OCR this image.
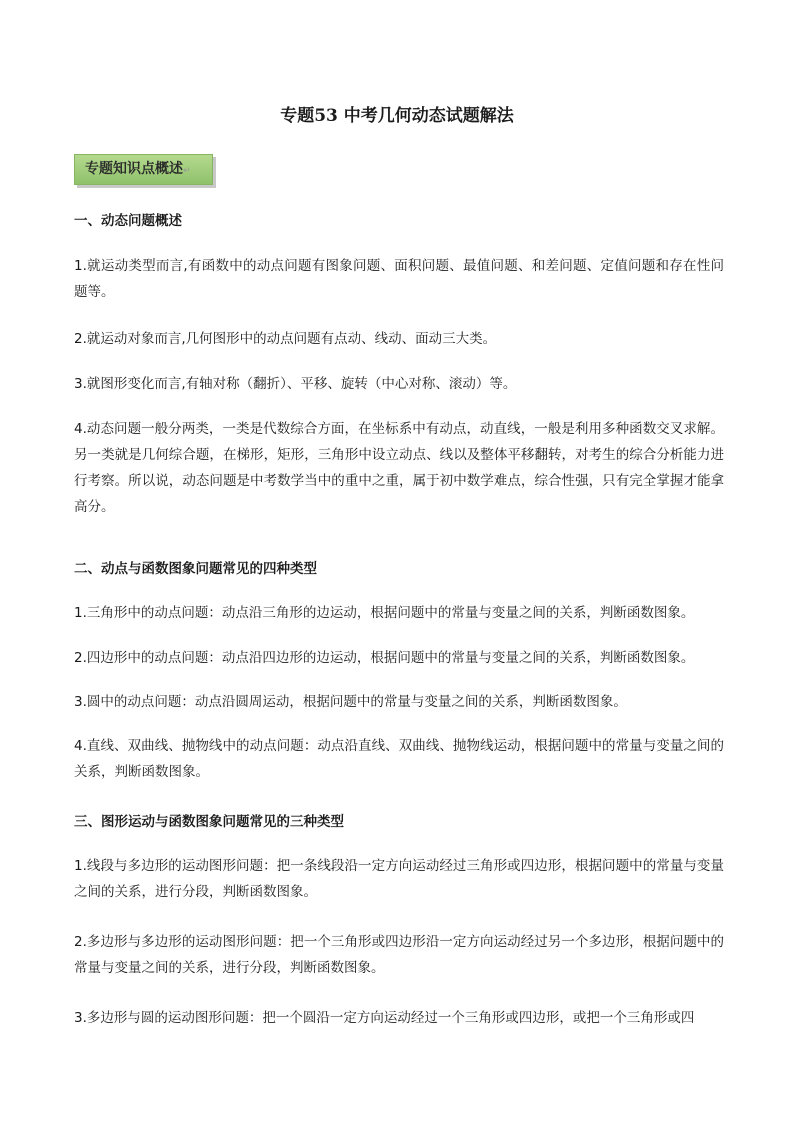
专题53 中考几何动态试题解法
专题知识点概述↵
一、动态问题概述
1.就运动类型而言,有函数中的动点问题有图象问题、面积问题、最值问题、和差问题、定值问题和存在性问题等。
2.就运动对象而言,几何图形中的动点问题有点动、线动、面动三大类。
3.就图形变化而言,有轴对称（翻折）、平移、旋转（中心对称、滚动）等。
4.动态问题一般分两类，一类是代数综合方面，在坐标系中有动点，动直线，一般是利用多种函数交叉求解。另一类就是几何综合题，在梯形，矩形，三角形中设立动点、线以及整体平移翻转，对考生的综合分析能力进行考察。所以说，动态问题是中考数学当中的重中之重，属于初中数学难点，综合性强，只有完全掌握才能拿高分。
二、动点与函数图象问题常见的四种类型
1.三角形中的动点问题：动点沿三角形的边运动，根据问题中的常量与变量之间的关系，判断函数图象。
2.四边形中的动点问题：动点沿四边形的边运动，根据问题中的常量与变量之间的关系，判断函数图象。
3.圆中的动点问题：动点沿圆周运动，根据问题中的常量与变量之间的关系，判断函数图象。
4.直线、双曲线、抛物线中的动点问题：动点沿直线、双曲线、抛物线运动，根据问题中的常量与变量之间的关系，判断函数图象。
三、图形运动与函数图象问题常见的三种类型
1.线段与多边形的运动图形问题：把一条线段沿一定方向运动经过三角形或四边形，根据问题中的常量与变量之间的关系，进行分段，判断函数图象。
2.多边形与多边形的运动图形问题：把一个三角形或四边形沿一定方向运动经过另一个多边形，根据问题中的常量与变量之间的关系，进行分段，判断函数图象。
3.多边形与圆的运动图形问题：把一个圆沿一定方向运动经过一个三角形或四边形，或把一个三角形或四
